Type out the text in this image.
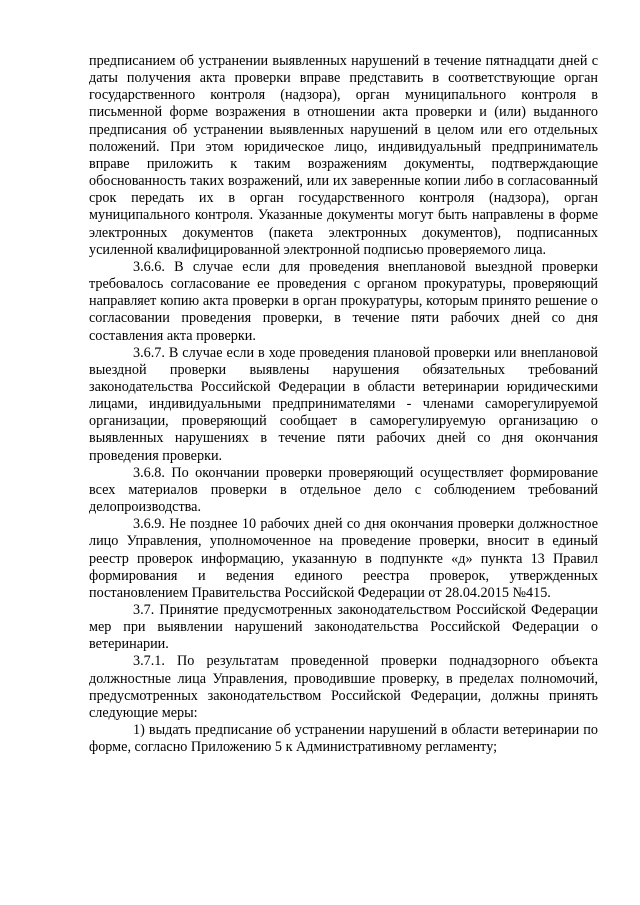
предписанием об устранении выявленных нарушений в течение пятнадцати дней с даты получения акта проверки вправе представить в соответствующие орган государственного контроля (надзора), орган муниципального контроля в письменной форме возражения в отношении акта проверки и (или) выданного предписания об устранении выявленных нарушений в целом или его отдельных положений. При этом юридическое лицо, индивидуальный предприниматель вправе приложить к таким возражениям документы, подтверждающие обоснованность таких возражений, или их заверенные копии либо в согласованный срок передать их в орган государственного контроля (надзора), орган муниципального контроля. Указанные документы могут быть направлены в форме электронных документов (пакета электронных документов), подписанных усиленной квалифицированной электронной подписью проверяемого лица.

3.6.6. В случае если для проведения внеплановой выездной проверки требовалось согласование ее проведения с органом прокуратуры, проверяющий направляет копию акта проверки в орган прокуратуры, которым принято решение о согласовании проведения проверки, в течение пяти рабочих дней со дня составления акта проверки.

3.6.7. В случае если в ходе проведения плановой проверки или внеплановой выездной проверки выявлены нарушения обязательных требований законодательства Российской Федерации в области ветеринарии юридическими лицами, индивидуальными предпринимателями - членами саморегулируемой организации, проверяющий сообщает в саморегулируемую организацию о выявленных нарушениях в течение пяти рабочих дней со дня окончания проведения проверки.

3.6.8. По окончании проверки проверяющий осуществляет формирование всех материалов проверки в отдельное дело с соблюдением требований делопроизводства.

3.6.9. Не позднее 10 рабочих дней со дня окончания проверки должностное лицо Управления, уполномоченное на проведение проверки, вносит в единый реестр проверок информацию, указанную в подпункте «д» пункта 13 Правил формирования и ведения единого реестра проверок, утвержденных постановлением Правительства Российской Федерации от 28.04.2015 №415.

3.7. Принятие предусмотренных законодательством Российской Федерации мер при выявлении нарушений законодательства Российской Федерации о ветеринарии.

3.7.1. По результатам проведенной проверки поднадзорного объекта должностные лица Управления, проводившие проверку, в пределах полномочий, предусмотренных законодательством Российской Федерации, должны принять следующие меры:

1) выдать предписание об устранении нарушений в области ветеринарии по форме, согласно Приложению 5 к Административному регламенту;
